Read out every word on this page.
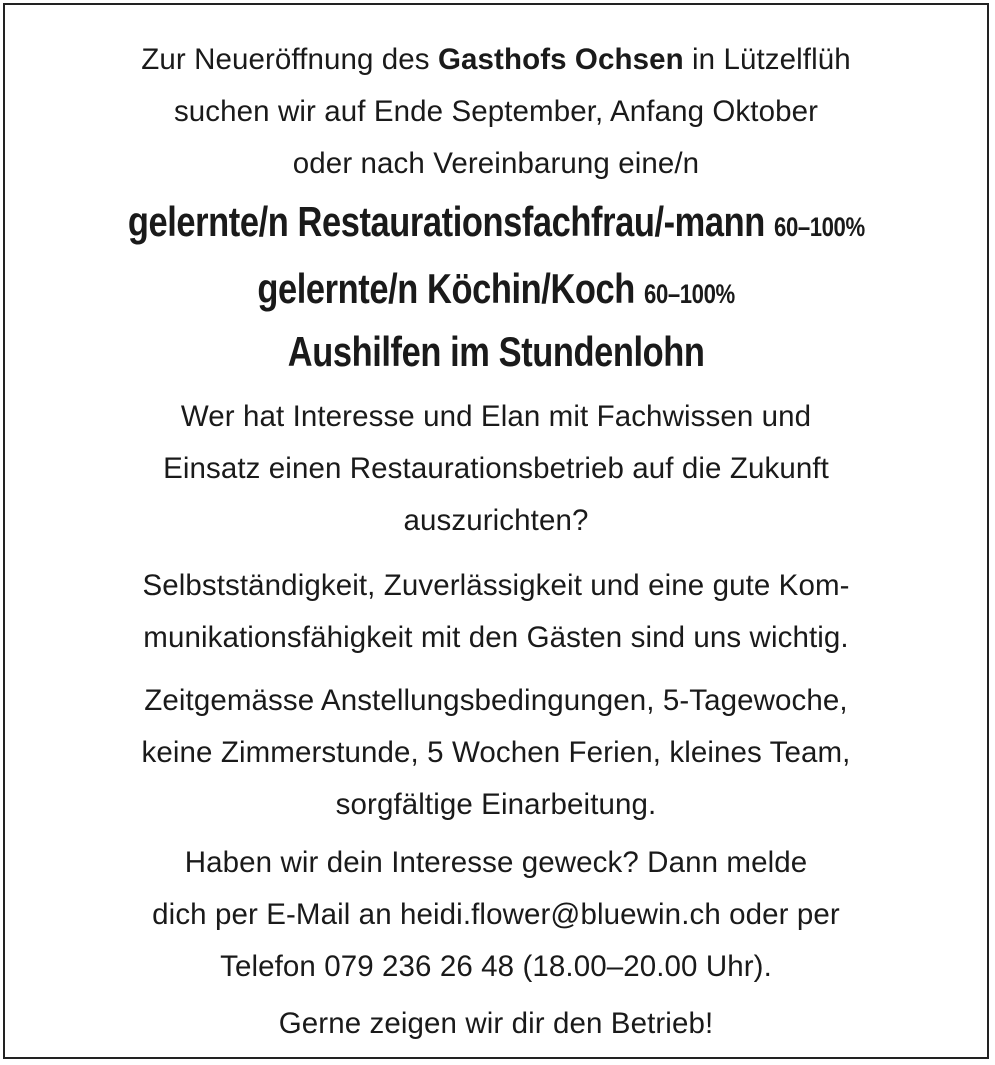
Zur Neueröffnung des Gasthofs Ochsen in Lützelflüh

suchen wir auf Ende September, Anfang Oktober

oder nach Vereinbarung eine/n

gelernte/n Restaurationsfachfrau/-mann 60–100%
gelernte/n Köchin/Koch 60–100%
Aushilfen im Stundenlohn

Wer hat Interesse und Elan mit Fachwissen und

Einsatz einen Restaurationsbetrieb auf die Zukunft

auszurichten?

Selbstständigkeit, Zuverlässigkeit und eine gute Kom-

munikationsfähigkeit mit den Gästen sind uns wichtig.

Zeitgemässe Anstellungsbedingungen, 5-Tagewoche,

keine Zimmerstunde, 5 Wochen Ferien, kleines Team,

sorgfältige Einarbeitung.

Haben wir dein Interesse geweck? Dann melde

dich per E-Mail an heidi.flower@bluewin.ch oder per

Telefon 079 236 26 48 (18.00–20.00 Uhr).

Gerne zeigen wir dir den Betrieb!
